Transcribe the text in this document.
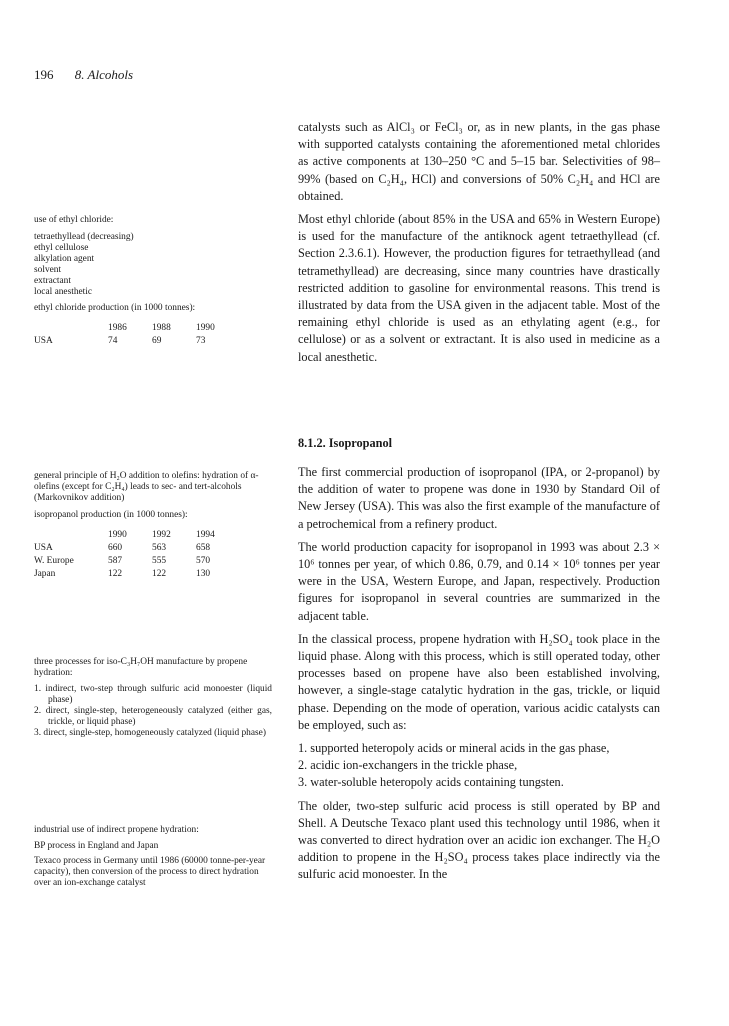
196 8. Alcohols

use of ethyl chloride:

tetraethyllead (decreasing)

ethyl cellulose

alkylation agent

solvent

extractant

local anesthetic

ethyl chloride production (in 1000 tonnes):

	1986	1988	1990
USA	74	69	73

general principle of H₂O addition to olefins: hydration of α-olefins (except for C₂H₄) leads to sec- and tert-alcohols (Markovnikov addition)

isopropanol production (in 1000 tonnes):

	1990	1992	1994
USA	660	563	658
W. Europe	587	555	570
Japan	122	122	130

three processes for iso-C₃H₇OH manufacture by propene hydration:

1. indirect, two-step through sulfuric acid monoester (liquid phase)
2. direct, single-step, heterogeneously catalyzed (either gas, trickle, or liquid phase)
3. direct, single-step, homogeneously catalyzed (liquid phase)

industrial use of indirect propene hydration:

BP process in England and Japan

Texaco process in Germany until 1986 (60000 tonne-per-year capacity), then conversion of the process to direct hydration over an ion-exchange catalyst

catalysts such as AlCl₃ or FeCl₃ or, as in new plants, in the gas phase with supported catalysts containing the aforementioned metal chlorides as active components at 130–250 °C and 5–15 bar. Selectivities of 98–99% (based on C₂H₄, HCl) and conversions of 50% C₂H₄ and HCl are obtained.

Most ethyl chloride (about 85% in the USA and 65% in Western Europe) is used for the manufacture of the antiknock agent tetraethyllead (cf. Section 2.3.6.1). However, the production figures for tetraethyllead (and tetramethyllead) are decreasing, since many countries have drastically restricted addition to gasoline for environmental reasons. This trend is illustrated by data from the USA given in the adjacent table. Most of the remaining ethyl chloride is used as an ethylating agent (e.g., for cellulose) or as a solvent or extractant. It is also used in medicine as a local anesthetic.

8.1.2. Isopropanol

The first commercial production of isopropanol (IPA, or 2-propanol) by the addition of water to propene was done in 1930 by Standard Oil of New Jersey (USA). This was also the first example of the manufacture of a petrochemical from a refinery product.

The world production capacity for isopropanol in 1993 was about 2.3 × 10⁶ tonnes per year, of which 0.86, 0.79, and 0.14 × 10⁶ tonnes per year were in the USA, Western Europe, and Japan, respectively. Production figures for isopropanol in several countries are summarized in the adjacent table.

In the classical process, propene hydration with H₂SO₄ took place in the liquid phase. Along with this process, which is still operated today, other processes based on propene have also been established involving, however, a single-stage catalytic hydration in the gas, trickle, or liquid phase. Depending on the mode of operation, various acidic catalysts can be employed, such as:

1. supported heteropoly acids or mineral acids in the gas phase,
2. acidic ion-exchangers in the trickle phase,
3. water-soluble heteropoly acids containing tungsten.

The older, two-step sulfuric acid process is still operated by BP and Shell. A Deutsche Texaco plant used this technology until 1986, when it was converted to direct hydration over an acidic ion exchanger. The H₂O addition to propene in the H₂SO₄ process takes place indirectly via the sulfuric acid monoester. In the
